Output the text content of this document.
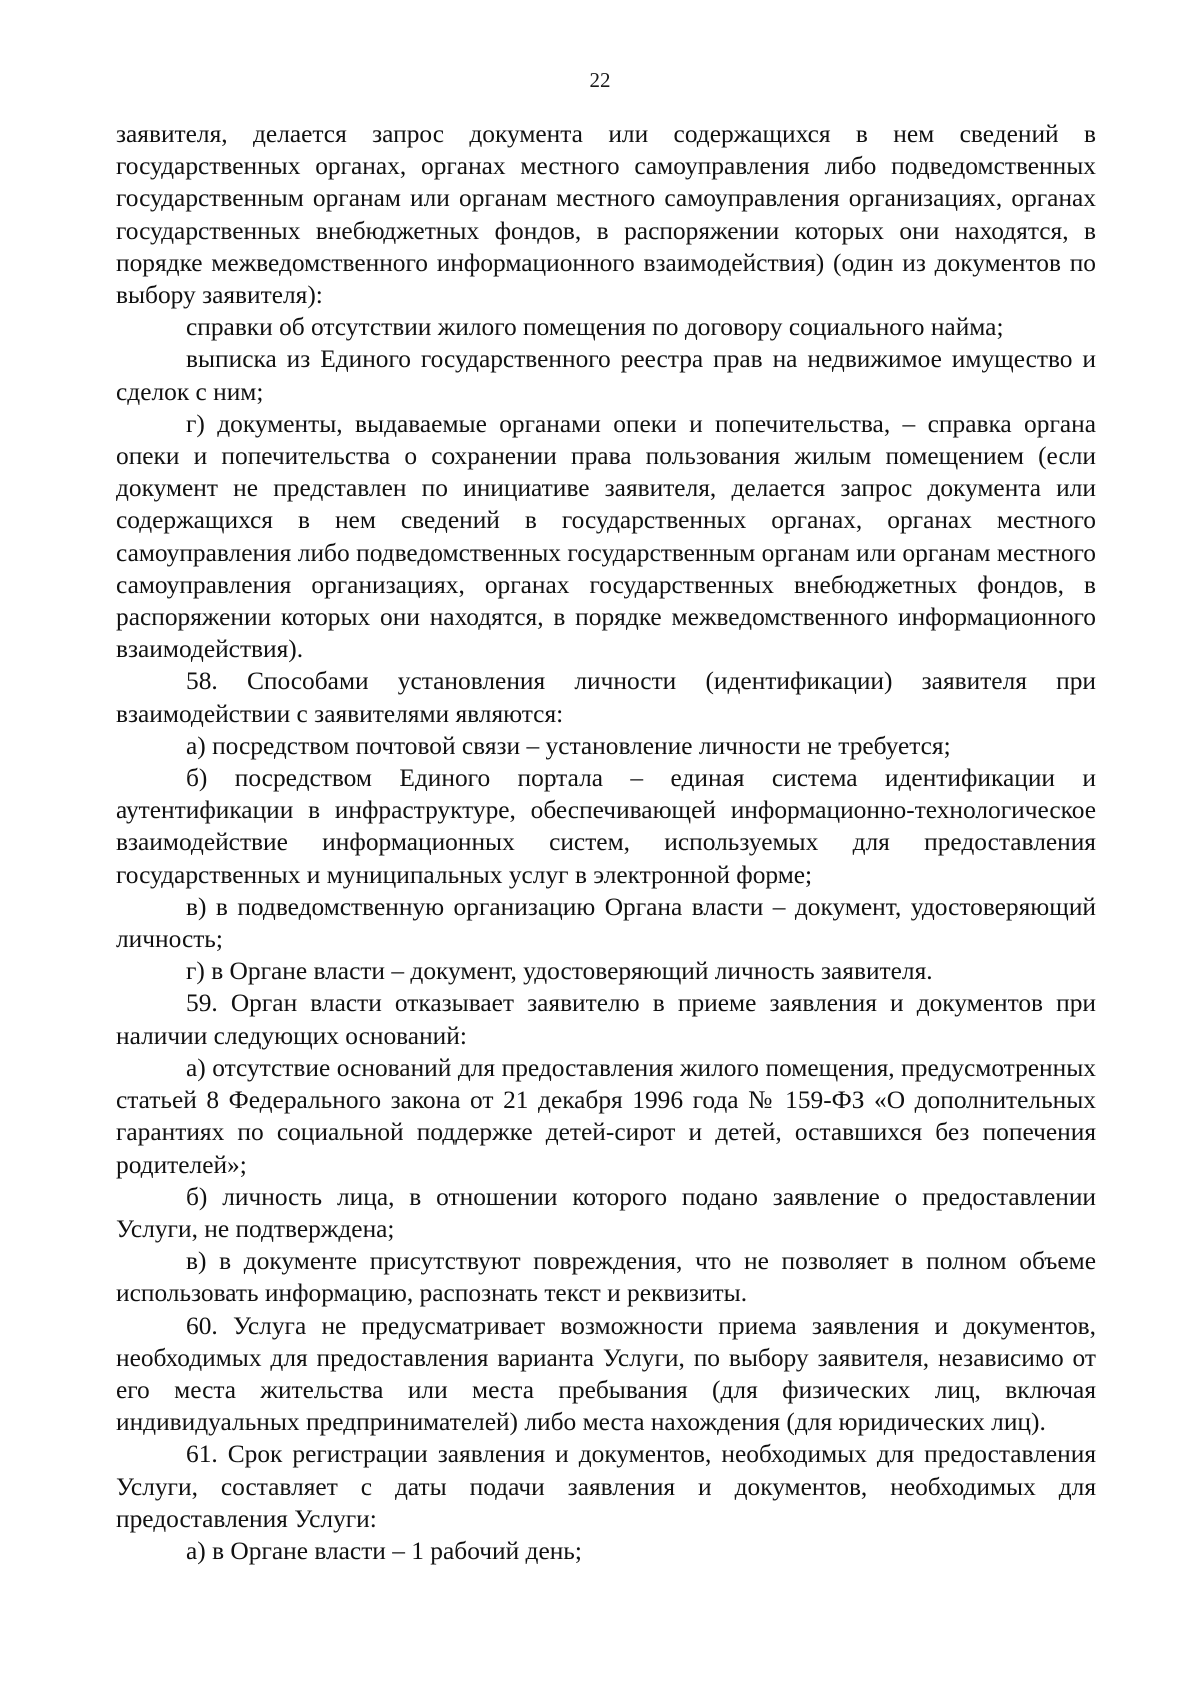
22

заявителя, делается запрос документа или содержащихся в нем сведений в государственных органах, органах местного самоуправления либо подведомственных государственным органам или органам местного самоуправления организациях, органах государственных внебюджетных фондов, в распоряжении которых они находятся, в порядке межведомственного информационного взаимодействия) (один из документов по выбору заявителя):

справки об отсутствии жилого помещения по договору социального найма;

выписка из Единого государственного реестра прав на недвижимое имущество и сделок с ним;

г) документы, выдаваемые органами опеки и попечительства, – справка органа опеки и попечительства о сохранении права пользования жилым помещением (если документ не представлен по инициативе заявителя, делается запрос документа или содержащихся в нем сведений в государственных органах, органах местного самоуправления либо подведомственных государственным органам или органам местного самоуправления организациях, органах государственных внебюджетных фондов, в распоряжении которых они находятся, в порядке межведомственного информационного взаимодействия).

58. Способами установления личности (идентификации) заявителя при взаимодействии с заявителями являются:

а) посредством почтовой связи – установление личности не требуется;

б) посредством Единого портала – единая система идентификации и аутентификации в инфраструктуре, обеспечивающей информационно-технологическое взаимодействие информационных систем, используемых для предоставления государственных и муниципальных услуг в электронной форме;

в) в подведомственную организацию Органа власти – документ, удостоверяющий личность;

г) в Органе власти – документ, удостоверяющий личность заявителя.

59. Орган власти отказывает заявителю в приеме заявления и документов при наличии следующих оснований:

а) отсутствие оснований для предоставления жилого помещения, предусмотренных статьей 8 Федерального закона от 21 декабря 1996 года № 159-ФЗ «О дополнительных гарантиях по социальной поддержке детей-сирот и детей, оставшихся без попечения родителей»;

б) личность лица, в отношении которого подано заявление о предоставлении Услуги, не подтверждена;

в) в документе присутствуют повреждения, что не позволяет в полном объеме использовать информацию, распознать текст и реквизиты.

60. Услуга не предусматривает возможности приема заявления и документов, необходимых для предоставления варианта Услуги, по выбору заявителя, независимо от его места жительства или места пребывания (для физических лиц, включая индивидуальных предпринимателей) либо места нахождения (для юридических лиц).

61. Срок регистрации заявления и документов, необходимых для предоставления Услуги, составляет с даты подачи заявления и документов, необходимых для предоставления Услуги:

а) в Органе власти – 1 рабочий день;
